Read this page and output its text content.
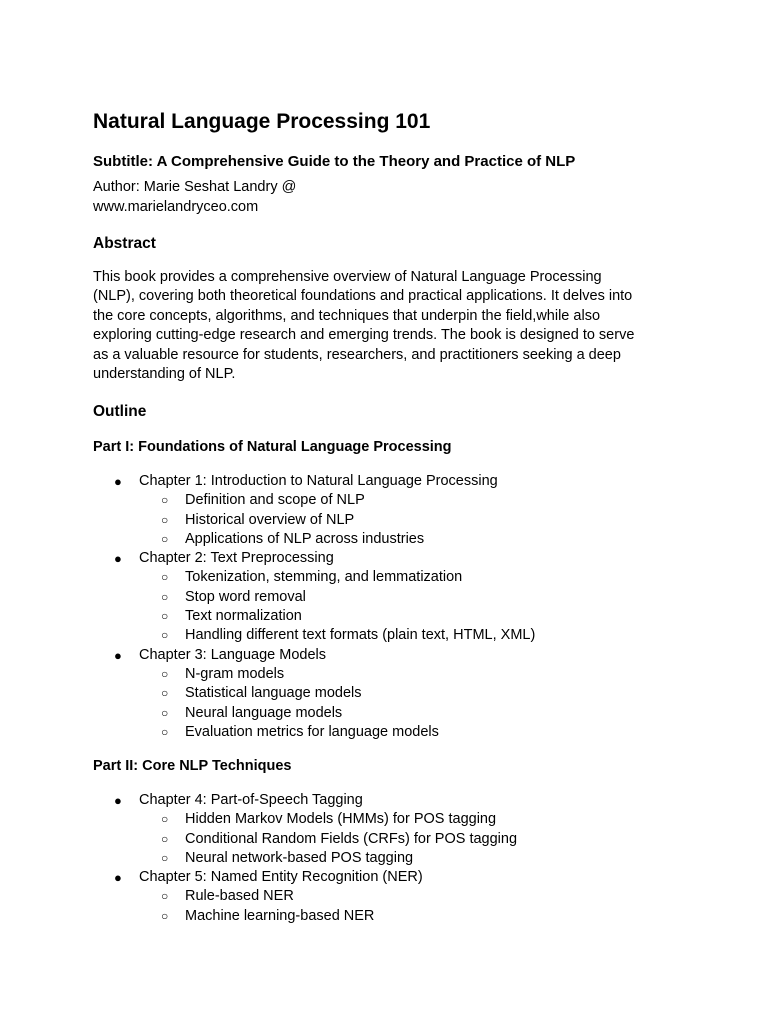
Natural Language Processing 101

Subtitle: A Comprehensive Guide to the Theory and Practice of NLP

Author: Marie Seshat Landry @
www.marielandryceo.com

Abstract

This book provides a comprehensive overview of Natural Language Processing
(NLP), covering both theoretical foundations and practical applications. It delves into
the core concepts, algorithms, and techniques that underpin the field,while also
exploring cutting-edge research and emerging trends. The book is designed to serve
as a valuable resource for students, researchers, and practitioners seeking a deep
understanding of NLP.

Outline

Part I: Foundations of Natural Language Processing

● Chapter 1: Introduction to Natural Language Processing
○ Definition and scope of NLP
○ Historical overview of NLP
○ Applications of NLP across industries
● Chapter 2: Text Preprocessing
○ Tokenization, stemming, and lemmatization
○ Stop word removal
○ Text normalization
○ Handling different text formats (plain text, HTML, XML)
● Chapter 3: Language Models
○ N-gram models
○ Statistical language models
○ Neural language models
○ Evaluation metrics for language models

Part II: Core NLP Techniques

● Chapter 4: Part-of-Speech Tagging
○ Hidden Markov Models (HMMs) for POS tagging
○ Conditional Random Fields (CRFs) for POS tagging
○ Neural network-based POS tagging
● Chapter 5: Named Entity Recognition (NER)
○ Rule-based NER
○ Machine learning-based NER
